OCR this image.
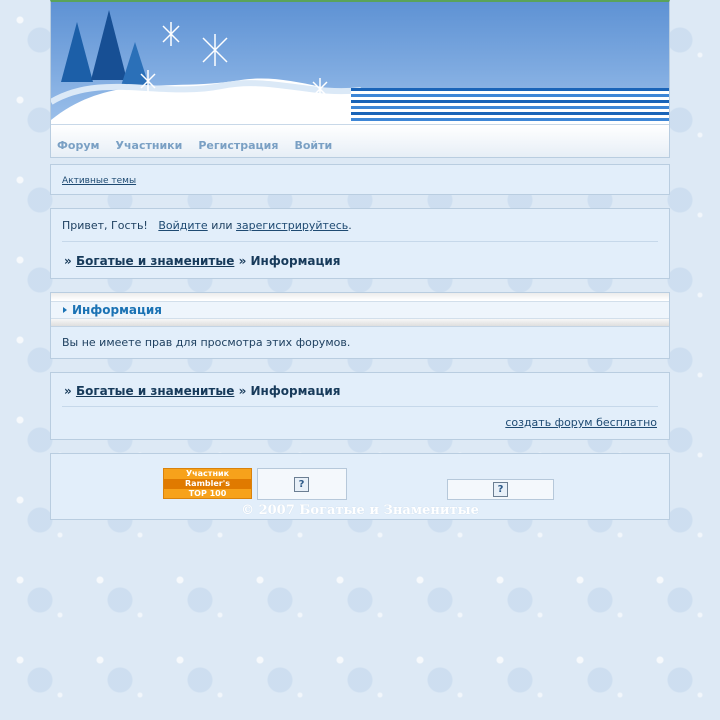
Форум	Участники	Регистрация	Войти
Активные темы
Привет, Гость! Войдите или зарегистрируйтесь.
» Богатые и знаменитые » Информация
Информация
Вы не имеете прав для просмотра этих форумов.
» Богатые и знаменитые » Информация
создать форум бесплатно
Участник
Rambler's
TOP 100
?	?
© 2007 Богатые и Знаменитые
